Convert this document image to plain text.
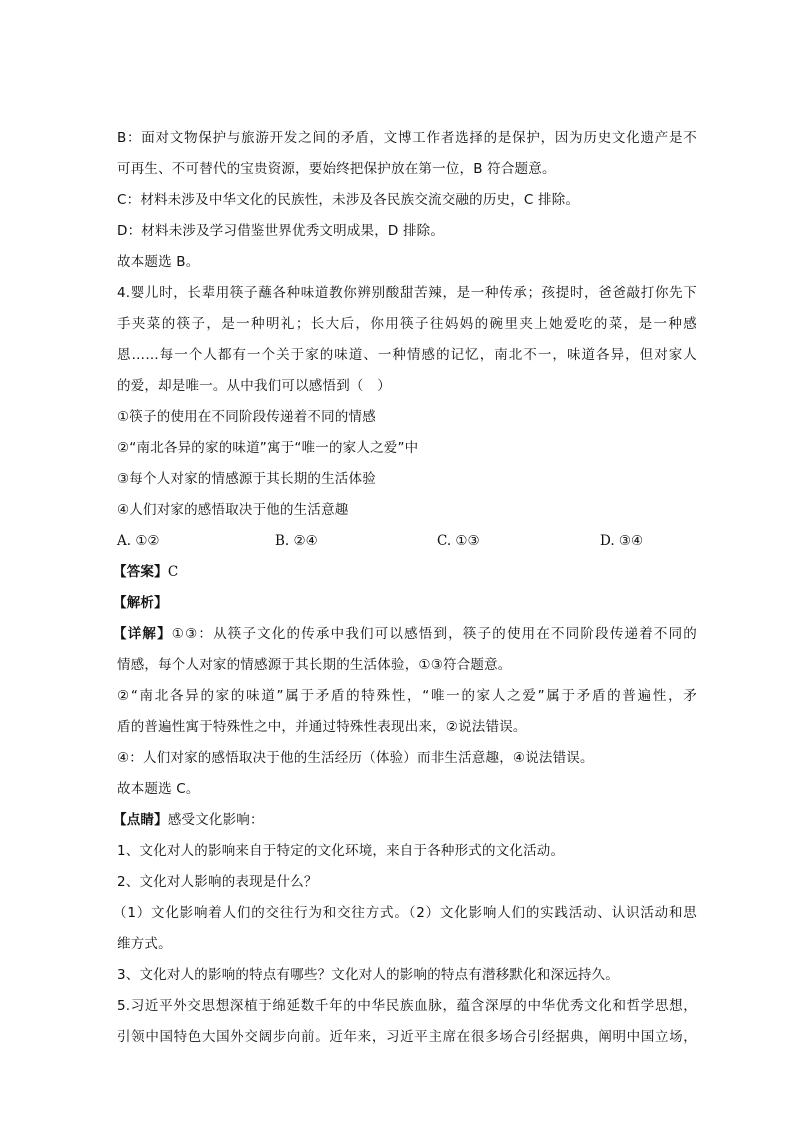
B：面对文物保护与旅游开发之间的矛盾，文博工作者选择的是保护，因为历史文化遗产是不
可再生、不可替代的宝贵资源，要始终把保护放在第一位，B 符合题意。
C：材料未涉及中华文化的民族性，未涉及各民族交流交融的历史，C 排除。
D：材料未涉及学习借鉴世界优秀文明成果，D 排除。
故本题选 B。
4.婴儿时，长辈用筷子蘸各种味道教你辨别酸甜苦辣，是一种传承；孩提时，爸爸敲打你先下
手夹菜的筷子，是一种明礼；长大后，你用筷子往妈妈的碗里夹上她爱吃的菜，是一种感
恩……每一个人都有一个关于家的味道、一种情感的记忆，南北不一，味道各异，但对家人
的爱，却是唯一。从中我们可以感悟到（　）
①筷子的使用在不同阶段传递着不同的情感
②“南北各异的家的味道”寓于“唯一的家人之爱”中
③每个人对家的情感源于其长期的生活体验
④人们对家的感悟取决于他的生活意趣
A. ①②	B. ②④	C. ①③	D. ③④
【答案】C
【解析】
【详解】①③：从筷子文化的传承中我们可以感悟到，筷子的使用在不同阶段传递着不同的
情感，每个人对家的情感源于其长期的生活体验，①③符合题意。
②“南北各异的家的味道”属于矛盾的特殊性，“唯一的家人之爱”属于矛盾的普遍性，矛
盾的普遍性寓于特殊性之中，并通过特殊性表现出来，②说法错误。
④：人们对家的感悟取决于他的生活经历（体验）而非生活意趣，④说法错误。
故本题选 C。
【点睛】感受文化影响：
1、文化对人的影响来自于特定的文化环境，来自于各种形式的文化活动。
2、文化对人影响的表现是什么？
（1）文化影响着人们的交往行为和交往方式。（2）文化影响人们的实践活动、认识活动和思
维方式。
3、文化对人的影响的特点有哪些？文化对人的影响的特点有潜移默化和深远持久。
5.习近平外交思想深植于绵延数千年的中华民族血脉，蕴含深厚的中华优秀文化和哲学思想，
引领中国特色大国外交阔步向前。近年来，习近平主席在很多场合引经据典，阐明中国立场，
